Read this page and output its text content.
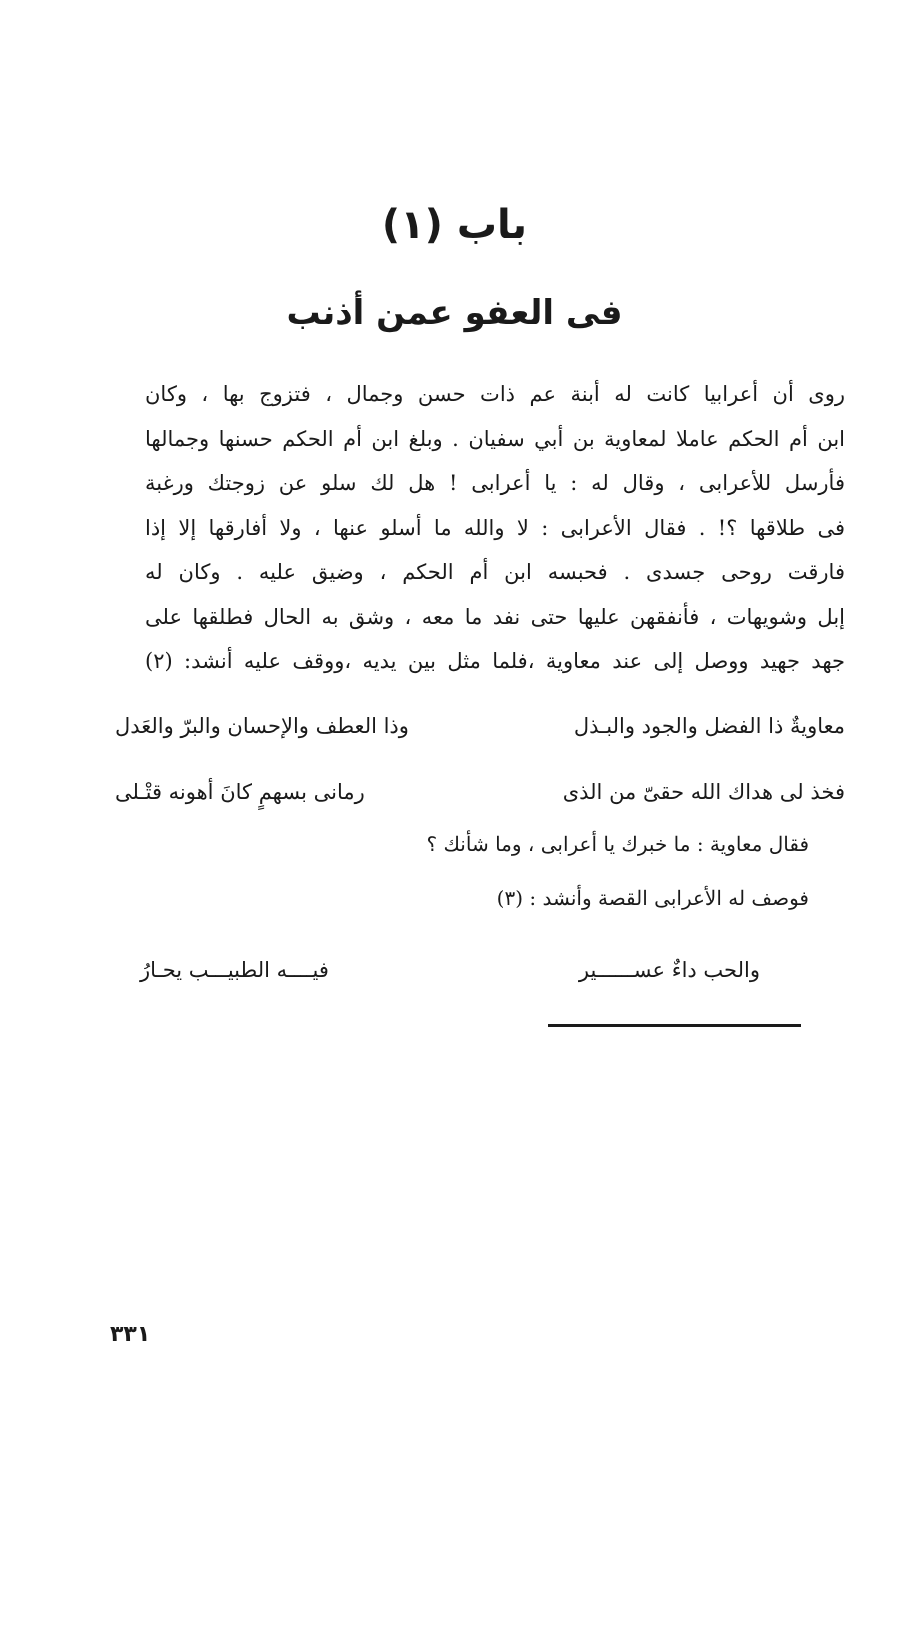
باب (١)
فى العفو عمن أذنب
روى أن أعرابيا كانت له أبنة عم ذات حسن وجمال ، فتزوج بها ، وكان
ابن أم الحكم عاملا لمعاوية بن أبي سفيان . وبلغ ابن أم الحكم حسنها وجمالها
فأرسل للأعرابى ، وقال له : يا أعرابى ! هل لك سلو عن زوجتك ورغبة
فى طلاقها ؟! . فقال الأعرابى : لا والله ما أسلو عنها ، ولا أفارقها إلا إذا
فارقت روحى جسدى . فحبسه ابن أم الحكم ، وضيق عليه . وكان له
إبل وشويهات ، فأنفقهن عليها حتى نفد ما معه ، وشق به الحال فطلقها على
جهد جهيد ووصل إلى عند معاوية ،فلما مثل بين يديه ،ووقف عليه أنشد: (٢)
معاويةٌ ذا الفضل والجود والبـذل
وذا العطف والإحسان والبرّ والعَدل
فخذ لى هداك الله حقىّ من الذى
رمانى بسهمٍ كانَ أهونه قتْـلى
فقال معاوية : ما خبرك يا أعرابى ، وما شأنك ؟
فوصف له الأعرابى القصة وأنشد : (٣)
والحب داءٌ عســــــير
فيــــه الطبيـــب يحـارُ
٣٣١
